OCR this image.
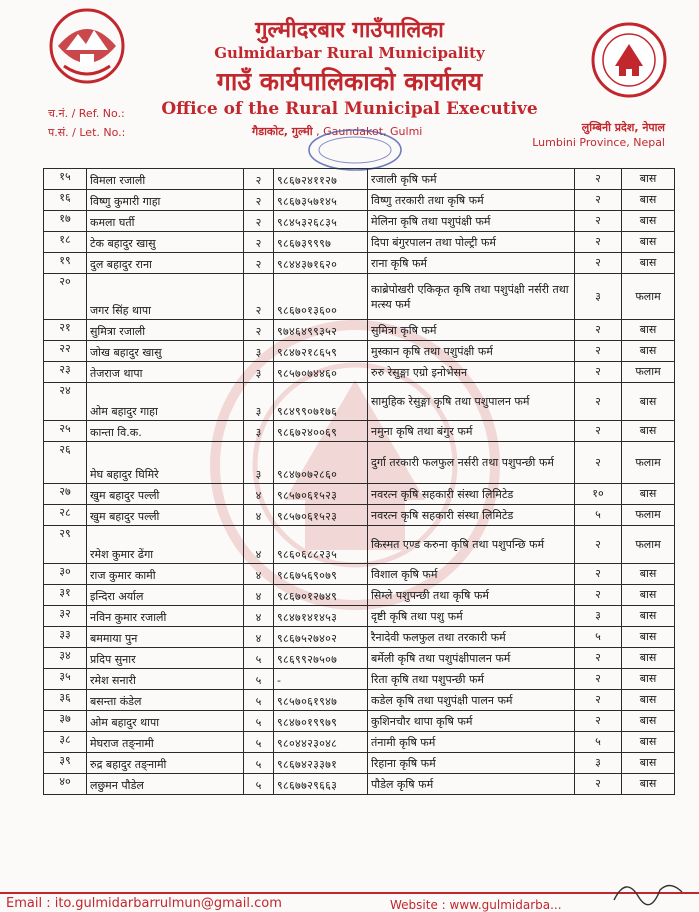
गुल्मीदरबार गाउँपालिका
Gulmidarbar Rural Municipality
गाउँ कार्यपालिकाको कार्यालय
Office of the Rural Municipal Executive
च.नं. / Ref. No.:
प.सं. / Let. No.:	गैडाकोट, गुल्मी , Gaundakot, Gulmi	लुम्बिनी प्रदेश, नेपाल
Lumbini Province, Nepal
१५	विमला रजाली	२	९८६७२४११२७	रजाली कृषि फर्म	२	बास
१६	विष्णु कुमारी गाहा	२	९८६७३५७१४५	विष्णु तरकारी तथा कृषि फर्म	२	बास
१७	कमला घर्ती	२	९८४५३२६८३५	मेलिना कृषि तथा पशुपंक्षी फर्म	२	बास
१८	टेक बहादुर खासु	२	९८६७३९९९७	दिपा बंगुरपालन तथा पोल्ट्री फर्म	२	बास
१९	दुल बहादुर राना	२	९८४४३७१६२०	राना कृषि फर्म	२	बास
२०	जगर सिंह थापा	२	९८६७०१३६००	काब्रेपोखरी एकिकृत कृषि तथा पशुपंक्षी नर्सरी तथा मत्स्य फर्म	३	फलाम
२१	सुमित्रा रजाली	२	९७४६४९९३५२	सुमित्रा कृषि फर्म	२	बास
२२	जोख बहादुर खासु	३	९८४७२१८६५९	मुस्कान कृषि तथा पशुपंक्षी फर्म	२	बास
२३	तेजराज थापा	३	९८५७०७४४६०	रुरु रेसुङ्गा एग्रो इनोभेसन	२	फलाम
२४	ओम बहादुर गाहा	३	९८४९९०७१७६	सामुहिक रेसुङ्गा कृषि तथा पशुपालन फर्म	२	बास
२५	कान्ता वि.क.	३	९८६७२४००६९	नमुना कृषि तथा बंगुर फर्म	२	बास
२६	मेघ बहादुर घिमिरे	३	९८४७०७२८६०	दुर्गा तरकारी फलफुल नर्सरी तथा पशुपन्छी फर्म	२	फलाम
२७	खुम बहादुर पल्ली	४	९८५७०६१५२३	नवरत्न कृषि सहकारी संस्था लिमिटेड	१०	बास
२८	खुम बहादुर पल्ली	४	९८५७०६१५२३	नवरत्न कृषि सहकारी संस्था लिमिटेड	५	फलाम
२९	रमेश कुमार ढेंगा	४	९८६०६८८२३५	किस्मत एण्ड करुना कृषि तथा पशुपन्छि फर्म	२	फलाम
३०	राज कुमार कामी	४	९८६७५६९०७९	विशाल कृषि फर्म	२	बास
३१	इन्दिरा अर्याल	४	९८६७०१२७४९	सिम्ले पशुपन्छी तथा कृषि फर्म	२	बास
३२	नविन कुमार रजाली	४	९८४७१४१४५३	दृष्टी कृषि तथा पशु फर्म	३	बास
३३	बममाया पुन	४	९८६७५२७४०२	रैनादेवी फलफुल तथा तरकारी फर्म	५	बास
३४	प्रदिप सुनार	५	९८६९९२७५०७	बर्मेली कृषि तथा पशुपंक्षीपालन फर्म	२	बास
३५	रमेश सनारी	५	-	रिता कृषि तथा पशुपन्छी फर्म	२	बास
३६	बसन्ता कंडेल	५	९८५७०६१९४७	कडेल कृषि तथा पशुपंक्षी पालन फर्म	२	बास
३७	ओम बहादुर थापा	५	९८४७०१९९७९	कुशिनचौर थापा कृषि फर्म	२	बास
३८	मेघराज तङ्नामी	५	९८०४४२३०४८	तंनामी कृषि फर्म	५	बास
३९	रुद्र बहादुर तङ्नामी	५	९८६७४२३३७१	रिहाना कृषि फर्म	३	बास
४०	लछुमन पौडेल	५	९८६७७२९६६३	पौडेल कृषि फर्म	२	बास
Email : ito.gulmidarbarrulmun@gmail.com	Website : www.gulmidarba...
